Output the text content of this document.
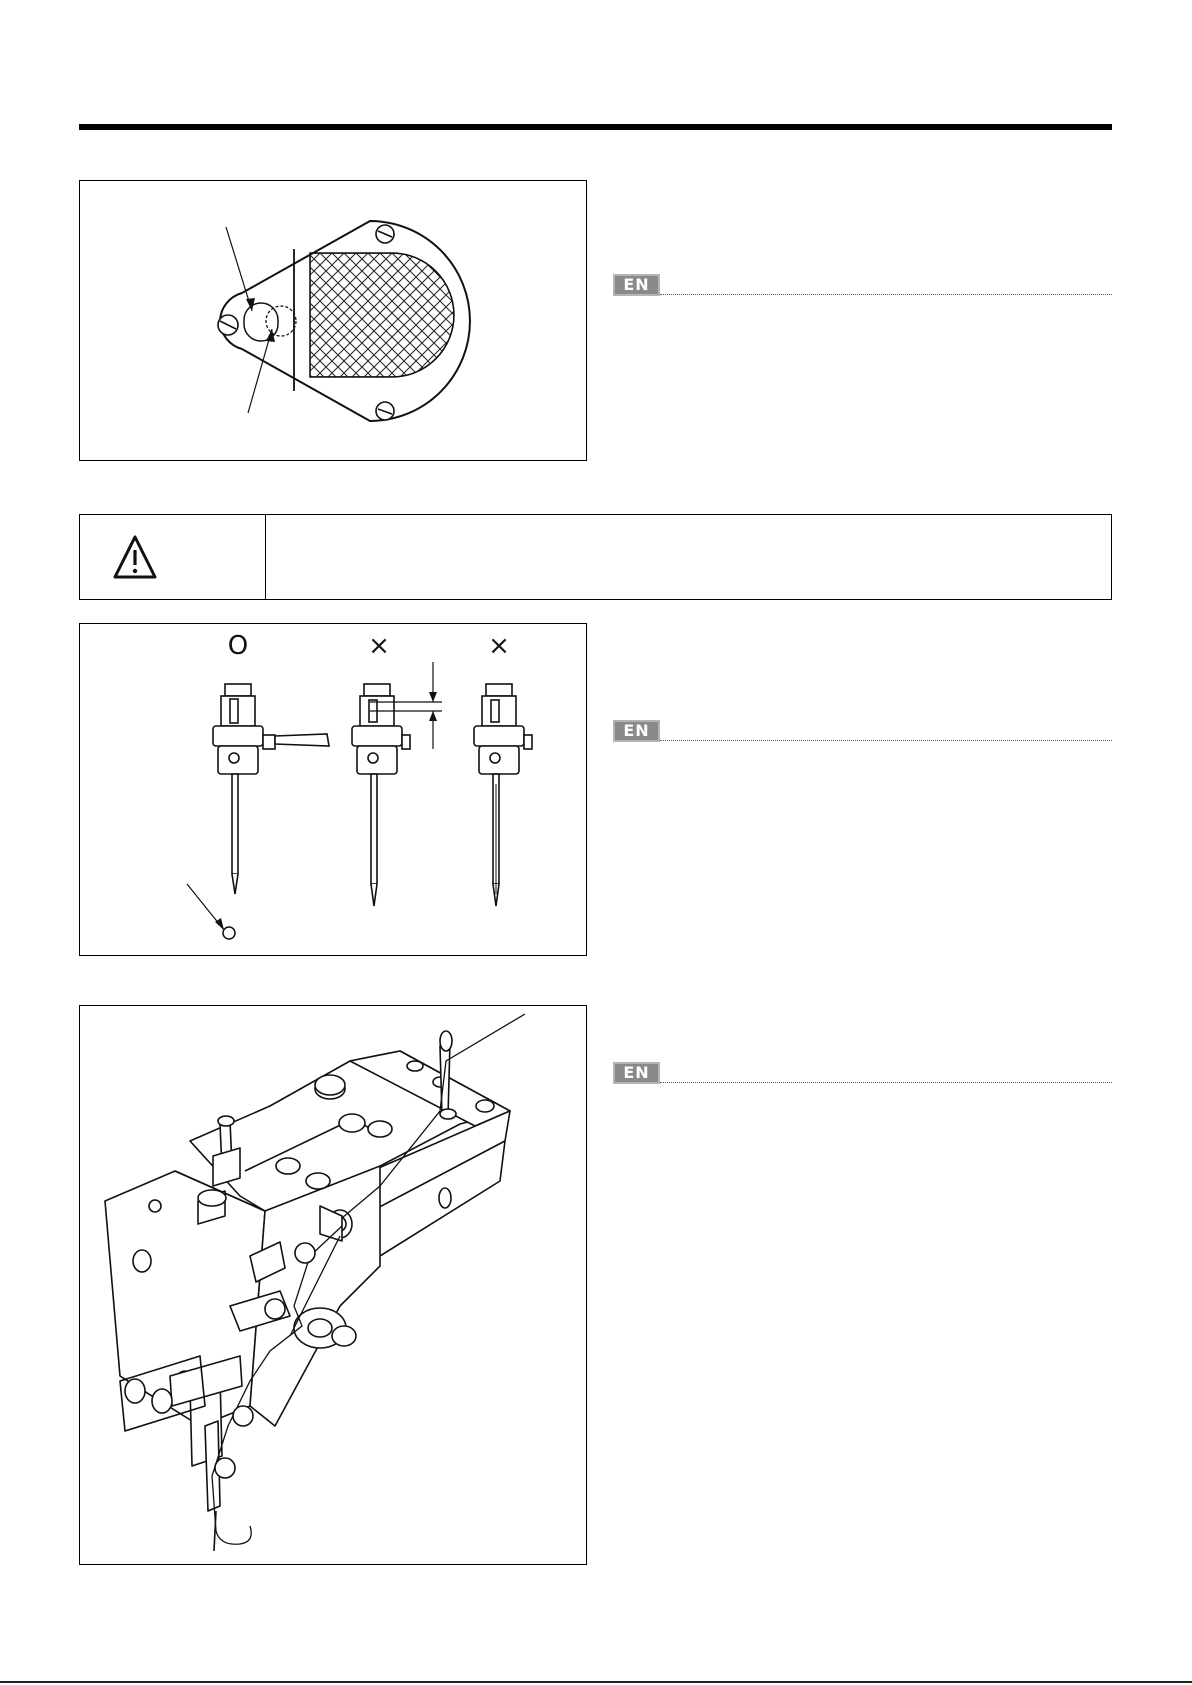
EN
O	×	×
EN
EN
